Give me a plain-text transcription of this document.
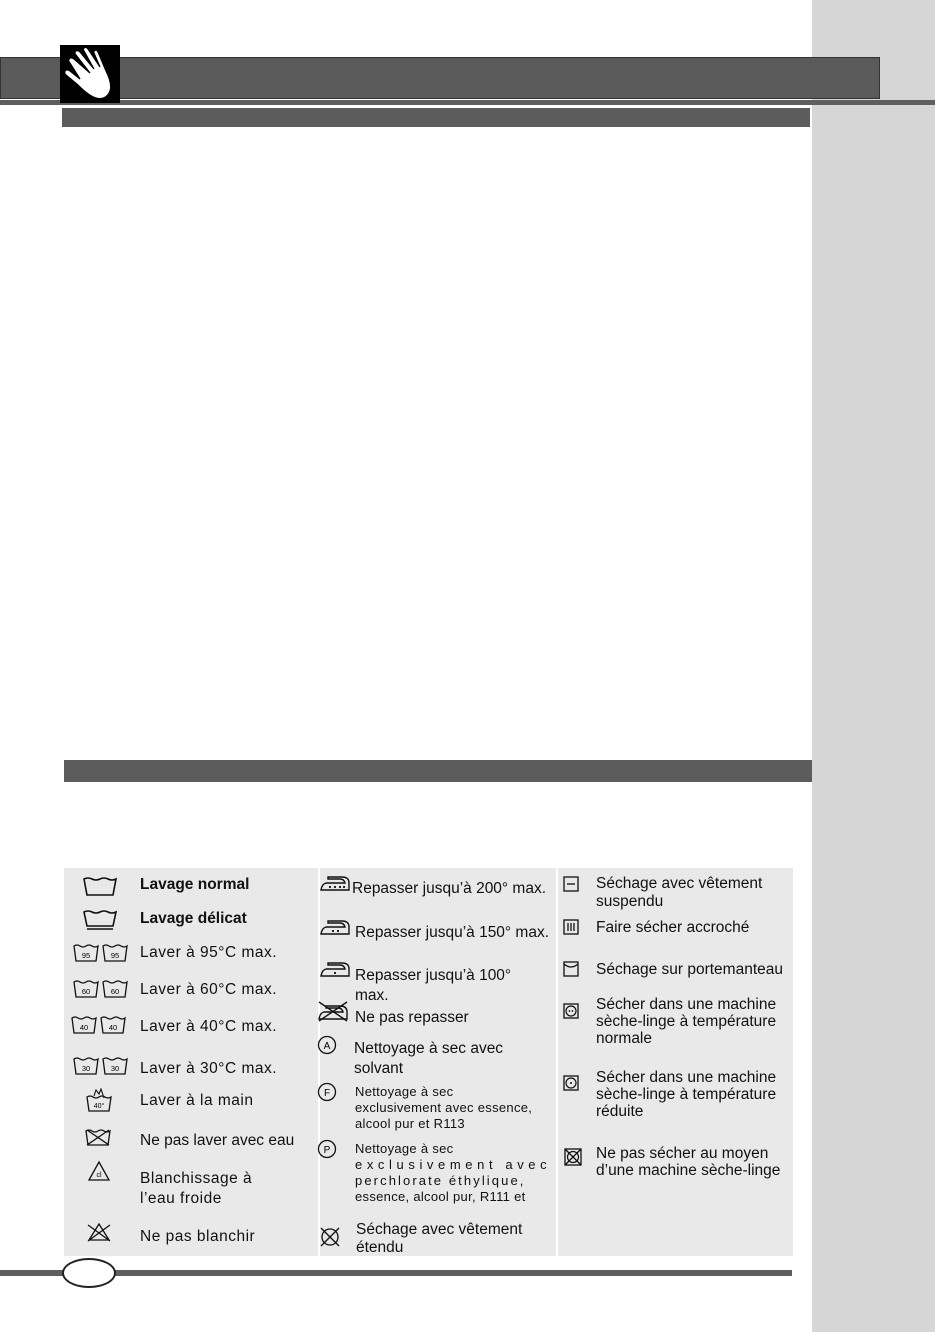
Lavage normal
Lavage délicat
95	95 Laver à 95°C max.
60	60 Laver à 60°C max.
40	40 Laver à 40°C max.
30	30 Laver à 30°C max.
40° Laver à la main
Ne pas laver avec eau
cl Blanchissage à
l’eau froide
Ne pas blanchir
Repasser jusqu’à 200° max.
Repasser jusqu’à 150° max.
Repasser jusqu’à 100°
max.
Ne pas repasser
A Nettoyage à sec avec
solvant
F Nettoyage à sec
exclusivement avec essence,
alcool pur et R113
P Nettoyage à sec
exclusivement avec
perchlorate éthylique,
essence, alcool pur, R111 et
Séchage avec vêtement
étendu
Séchage avec vêtement
suspendu
Faire sécher accroché
Séchage sur portemanteau
Sécher dans une machine
sèche-linge à température
normale
Sécher dans une machine
sèche-linge à température
réduite
Ne pas sécher au moyen
d’une machine sèche-linge
